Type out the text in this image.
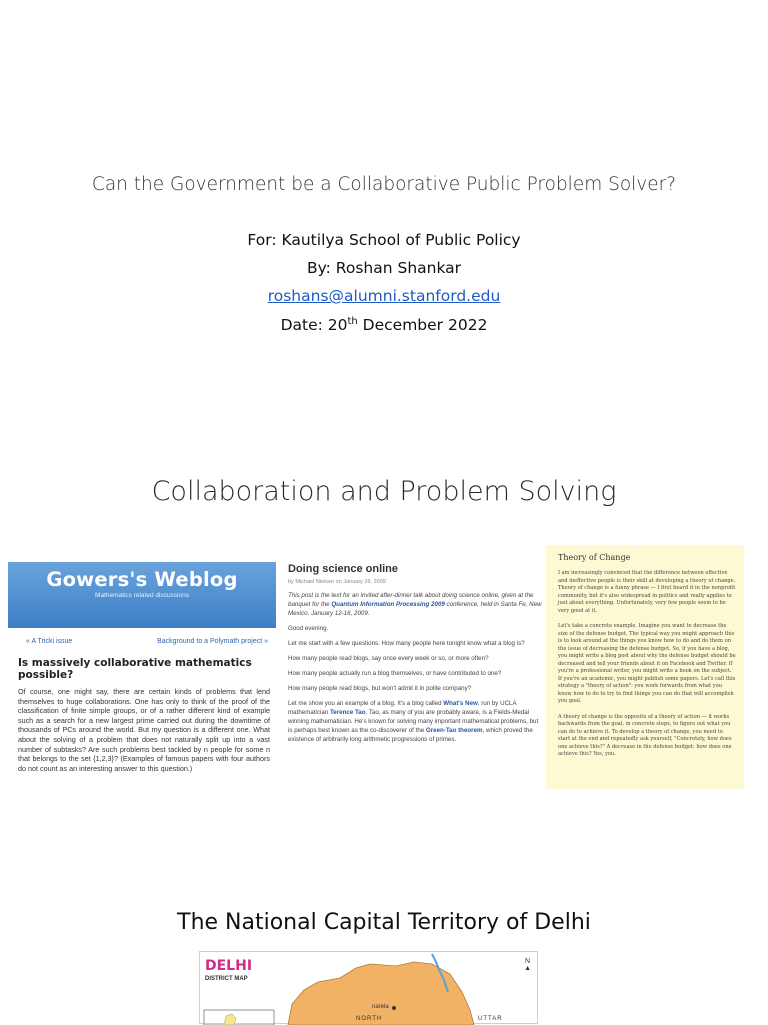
Can the Government be a Collaborative Public Problem Solver?
For: Kautilya School of Public Policy
By: Roshan Shankar
roshans@alumni.stanford.edu
Date: 20th December 2022
Collaboration and Problem Solving
Gowers's Weblog
Mathematics related discussions
« A Tricki issue	Background to a Polymath project »
Is massively collaborative mathematics possible?
Of course, one might say, there are certain kinds of problems that lend themselves to huge collaborations. One has only to think of the proof of the classification of finite simple groups, or of a rather different kind of example such as a search for a new largest prime carried out during the downtime of thousands of PCs around the world. But my question is a different one. What about the solving of a problem that does not naturally split up into a vast number of subtasks? Are such problems best tackled by n people for some n that belongs to the set {1,2,3}? (Examples of famous papers with four authors do not count as an interesting answer to this question.)
Doing science online
by Michael Nielsen on January 26, 2009

This post is the text for an invited after-dinner talk about doing science online, given at the banquet for the Quantum Information Processing 2009 conference, held in Santa Fe, New Mexico, January 12-16, 2009.

Good evening.

Let me start with a few questions. How many people here tonight know what a blog is?

How many people read blogs, say once every week or so, or more often?

How many people actually run a blog themselves, or have contributed to one?

How many people read blogs, but won't admit it in polite company?

Let me show you an example of a blog. It's a blog called What's New, run by UCLA mathematician Terence Tao. Tao, as many of you are probably aware, is a Fields-Medal winning mathematician. He's known for solving many important mathematical problems, but is perhaps best known as the co-discoverer of the Green-Tao theorem, which proved the existence of arbitrarily long arithmetic progressions of primes.

Theory of Change

I am increasingly convinced that the difference between effective and ineffective people is their skill at developing a theory of change. Theory of change is a funny phrase — I first heard it in the nonprofit community, but it's also widespread in politics and really applies to just about everything. Unfortunately, very few people seem to be very good at it.

Let's take a concrete example. Imagine you want to decrease the size of the defense budget. The typical way you might approach this is to look around at the things you know how to do and do them on the issue of decreasing the defense budget. So, if you have a blog, you might write a blog post about why the defense budget should be decreased and tell your friends about it on Facebook and Twitter. If you're a professional writer, you might write a book on the subject. If you're an academic, you might publish some papers. Let's call this strategy a "theory of action": you work forwards from what you know how to do to try to find things you can do that will accomplish you goal.

A theory of change is the opposite of a theory of action — it works backwards from the goal, in concrete steps, to figure out what you can do to achieve it. To develop a theory of change, you need to start at the end and repeatedly ask yourself, "Concretely, how does one achieve this?" A decrease in the defense budget: how does one achieve this? Yes, you.

The National Capital Territory of Delhi
DELHI
DISTRICT MAP
N
▲
narela
NORTH	UTTAR
